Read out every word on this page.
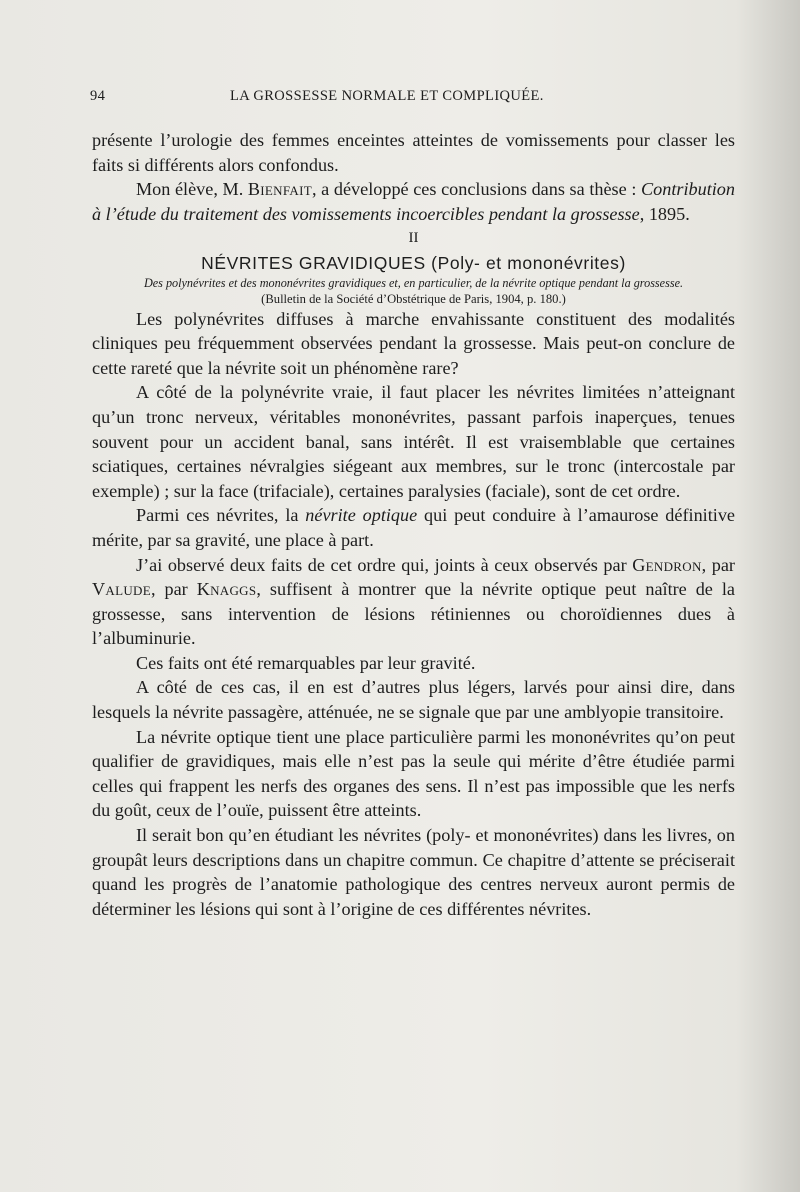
94	LA GROSSESSE NORMALE ET COMPLIQUÉE.

présente l’urologie des femmes enceintes atteintes de vomissements pour classer les faits si différents alors confondus.

Mon élève, M. Bienfait, a développé ces conclusions dans sa thèse : Contribution à l’étude du traitement des vomissements incoercibles pendant la grossesse, 1895.

II

NÉVRITES GRAVIDIQUES (Poly- et mononévrites)

Des polynévrites et des mononévrites gravidiques et, en particulier, de la névrite optique pendant la grossesse.

(Bulletin de la Société d’Obstétrique de Paris, 1904, p. 180.)

Les polynévrites diffuses à marche envahissante constituent des modalités cliniques peu fréquemment observées pendant la grossesse. Mais peut-on conclure de cette rareté que la névrite soit un phénomène rare?

A côté de la polynévrite vraie, il faut placer les névrites limitées n’atteignant qu’un tronc nerveux, véritables mononévrites, passant parfois inaperçues, tenues souvent pour un accident banal, sans intérêt. Il est vraisemblable que certaines sciatiques, certaines névralgies siégeant aux membres, sur le tronc (intercostale par exemple) ; sur la face (trifaciale), certaines paralysies (faciale), sont de cet ordre.

Parmi ces névrites, la névrite optique qui peut conduire à l’amaurose définitive mérite, par sa gravité, une place à part.

J’ai observé deux faits de cet ordre qui, joints à ceux observés par Gendron, par Valude, par Knaggs, suffisent à montrer que la névrite optique peut naître de la grossesse, sans intervention de lésions rétiniennes ou choroïdiennes dues à l’albuminurie.

Ces faits ont été remarquables par leur gravité.

A côté de ces cas, il en est d’autres plus légers, larvés pour ainsi dire, dans lesquels la névrite passagère, atténuée, ne se signale que par une amblyopie transitoire.

La névrite optique tient une place particulière parmi les mononévrites qu’on peut qualifier de gravidiques, mais elle n’est pas la seule qui mérite d’être étudiée parmi celles qui frappent les nerfs des organes des sens. Il n’est pas impossible que les nerfs du goût, ceux de l’ouïe, puissent être atteints.

Il serait bon qu’en étudiant les névrites (poly- et mononévrites) dans les livres, on groupât leurs descriptions dans un chapitre commun. Ce chapitre d’attente se préciserait quand les progrès de l’anatomie pathologique des centres nerveux auront permis de déterminer les lésions qui sont à l’origine de ces différentes névrites.
